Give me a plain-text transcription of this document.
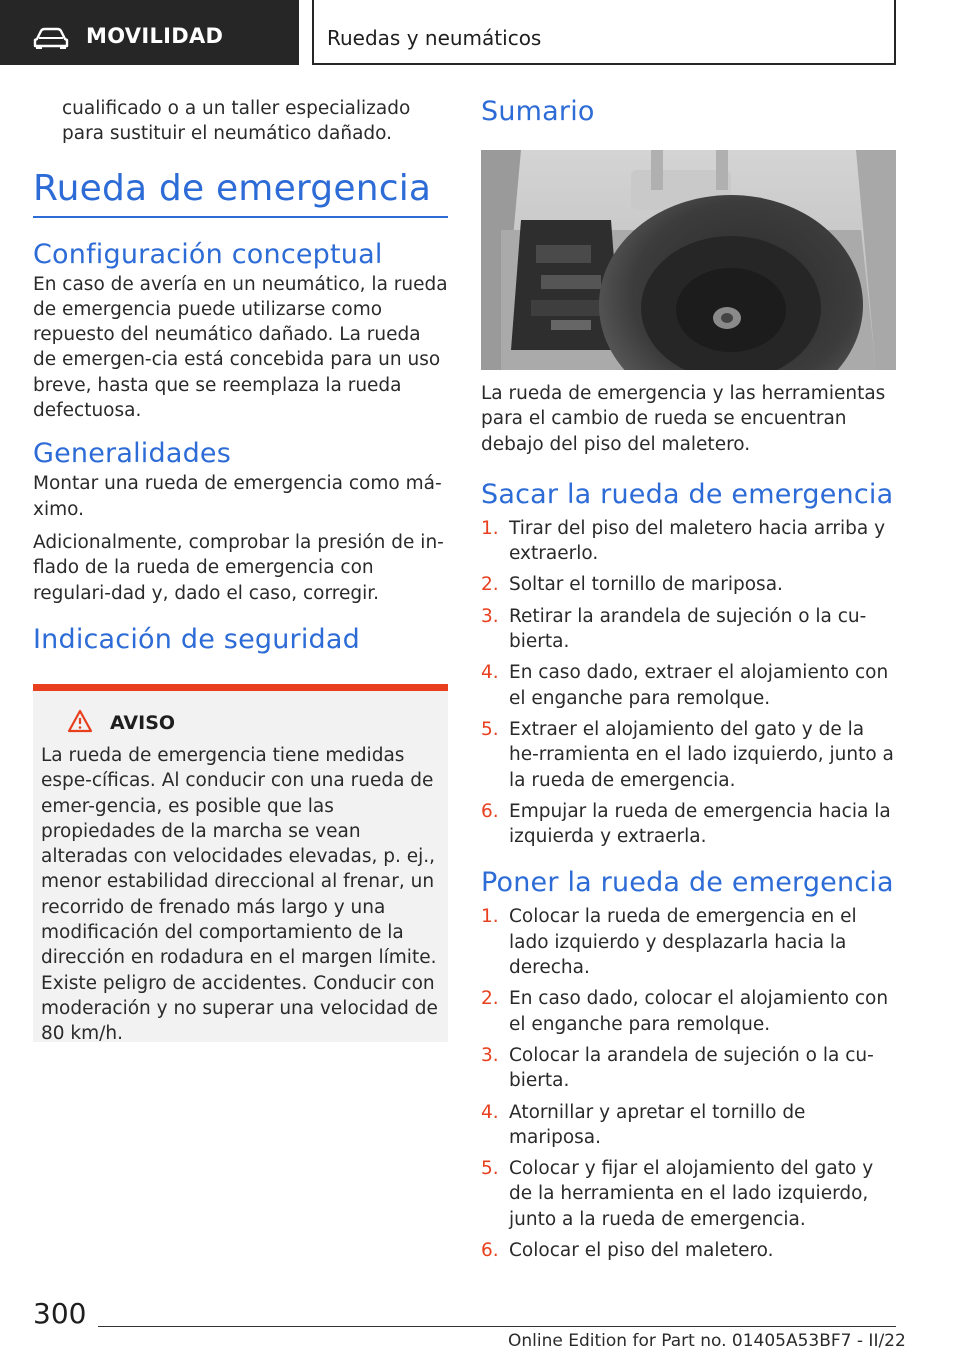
MOVILIDAD	Ruedas y neumáticos

cualificado o a un taller especializado para sustituir el neumático dañado.

Rueda de emergencia
Configuración conceptual

En caso de avería en un neumático, la rueda de emergencia puede utilizarse como repuesto del neumático dañado. La rueda de emergen-cia está concebida para un uso breve, hasta que se reemplaza la rueda defectuosa.

Generalidades

Montar una rueda de emergencia como má-ximo.

Adicionalmente, comprobar la presión de in-flado de la rueda de emergencia con regulari-dad y, dado el caso, corregir.

Indicación de seguridad
AVISO

La rueda de emergencia tiene medidas espe-cíficas. Al conducir con una rueda de emer-gencia, es posible que las propiedades de la marcha se vean alteradas con velocidades elevadas, p. ej., menor estabilidad direccional al frenar, un recorrido de frenado más largo y una modificación del comportamiento de la dirección en rodadura en el margen límite. Existe peligro de accidentes. Conducir con moderación y no superar una velocidad de 80 km/h.

Sumario

La rueda de emergencia y las herramientas para el cambio de rueda se encuentran debajo del piso del maletero.

Sacar la rueda de emergencia
1. Tirar del piso del maletero hacia arriba y extraerlo.
2. Soltar el tornillo de mariposa.
3. Retirar la arandela de sujeción o la cu-bierta.
4. En caso dado, extraer el alojamiento con el enganche para remolque.
5. Extraer el alojamiento del gato y de la he-rramienta en el lado izquierdo, junto a la rueda de emergencia.
6. Empujar la rueda de emergencia hacia la izquierda y extraerla.
Poner la rueda de emergencia
1. Colocar la rueda de emergencia en el lado izquierdo y desplazarla hacia la derecha.
2. En caso dado, colocar el alojamiento con el enganche para remolque.
3. Colocar la arandela de sujeción o la cu-bierta.
4. Atornillar y apretar el tornillo de mariposa.
5. Colocar y fijar el alojamiento del gato y de la herramienta en el lado izquierdo, junto a la rueda de emergencia.
6. Colocar el piso del maletero.
300
Online Edition for Part no. 01405A53BF7 - II/22
